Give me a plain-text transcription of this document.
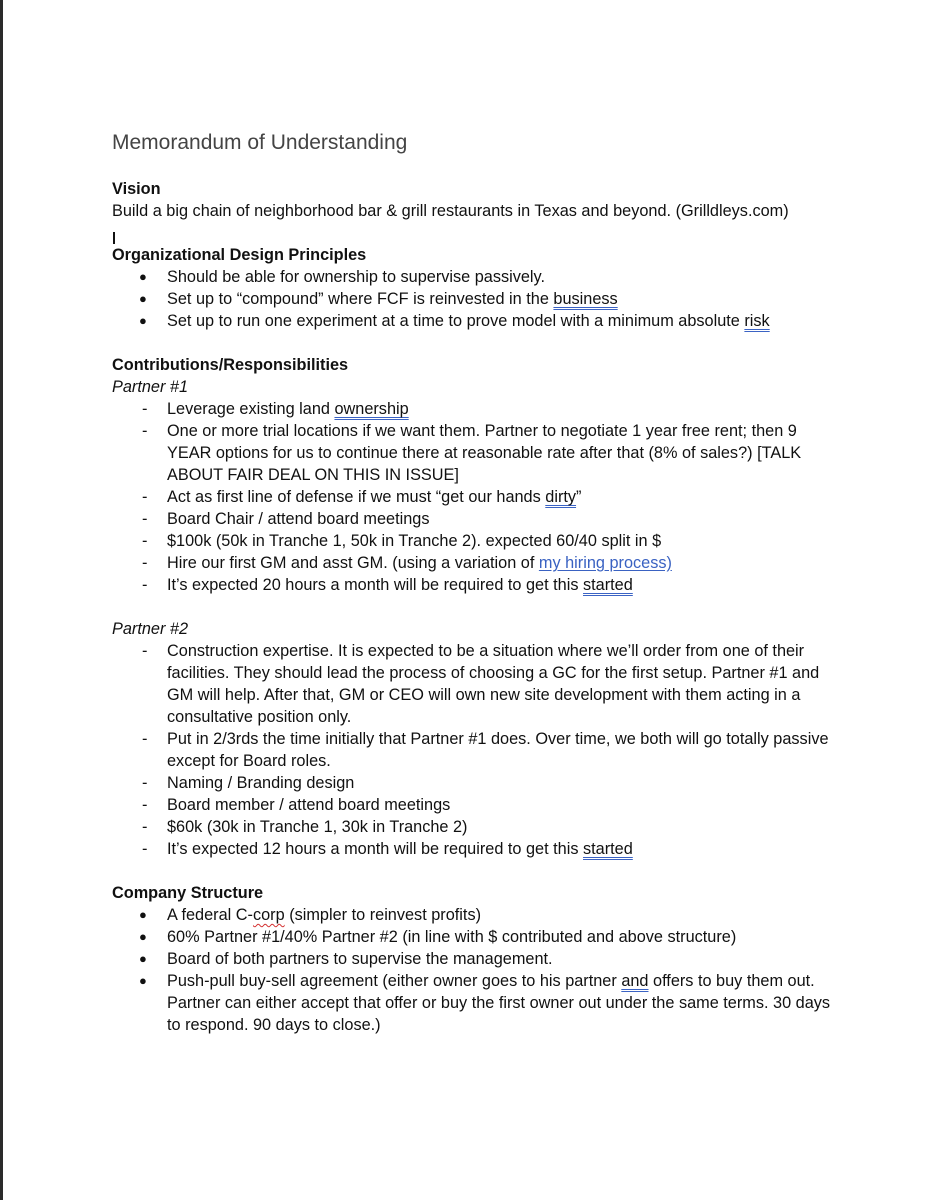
Memorandum of Understanding
Vision
Build a big chain of neighborhood bar & grill restaurants in Texas and beyond. (Grilldleys.com)
Organizational Design Principles
● Should be able for ownership to supervise passively.
● Set up to “compound” where FCF is reinvested in the business
● Set up to run one experiment at a time to prove model with a minimum absolute risk
Contributions/Responsibilities
Partner #1
- Leverage existing land ownership
- One or more trial locations if we want them. Partner to negotiate 1 year free rent; then 9 YEAR options for us to continue there at reasonable rate after that (8% of sales?) [TALK ABOUT FAIR DEAL ON THIS IN ISSUE]
- Act as first line of defense if we must “get our hands dirty”
- Board Chair / attend board meetings
- $100k (50k in Tranche 1, 50k in Tranche 2). expected 60/40 split in $
- Hire our first GM and asst GM. (using a variation of my hiring process)
- It’s expected 20 hours a month will be required to get this started
Partner #2
- Construction expertise. It is expected to be a situation where we’ll order from one of their facilities. They should lead the process of choosing a GC for the first setup. Partner #1 and GM will help. After that, GM or CEO will own new site development with them acting in a consultative position only.
- Put in 2/3rds the time initially that Partner #1 does. Over time, we both will go totally passive except for Board roles.
- Naming / Branding design
- Board member / attend board meetings
- $60k (30k in Tranche 1, 30k in Tranche 2)
- It’s expected 12 hours a month will be required to get this started
Company Structure
● A federal C-corp (simpler to reinvest profits)
● 60% Partner #1/40% Partner #2 (in line with $ contributed and above structure)
● Board of both partners to supervise the management.
● Push-pull buy-sell agreement (either owner goes to his partner and offers to buy them out. Partner can either accept that offer or buy the first owner out under the same terms. 30 days to respond. 90 days to close.)
